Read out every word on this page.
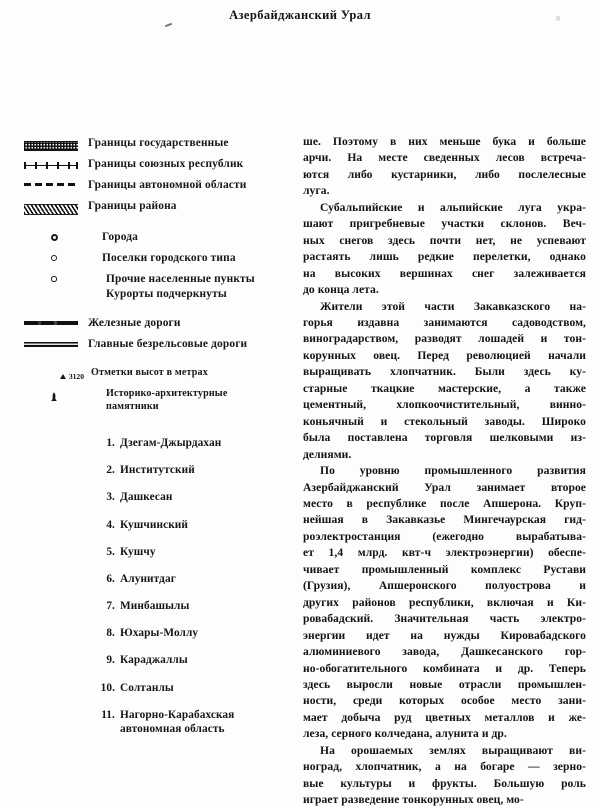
Азербайджанский Урал
Границы государственные
Границы союзных республик
Границы автономной области
Границы района
Города
Поселки городского типа
Прочие населенные пункты
Курорты подчеркнуты
Железные дороги
Главные безрельсовые дороги
3120 Отметки высот в метрах
Историко-архитектурные
памятники
1. Дзегам-Джырдахан
2. Институтский
3. Дашкесан
4. Кушчинский
5. Кушчу
6. Алунитдаг
7. Минбашылы
8. Юхары-Моллу
9. Караджаллы
10. Солтанлы
11. Нагорно-Карабахская
автономная область

ше. Поэтому в них меньше бука и больше
арчи. На месте сведенных лесов встреча-
ются либо кустарники, либо послелесные
луга.

Субальпийские и альпийские луга укра-
шают пригребневые участки склонов. Веч-
ных снегов здесь почти нет, не успевают
растаять лишь редкие перелетки, однако
на высоких вершинах снег залеживается
до конца лета.

Жители этой части Закавказского на-
горья издавна занимаются садоводством,
виноградарством, разводят лошадей и тон-
корунных овец. Перед революцией начали
выращивать хлопчатник. Были здесь ку-
старные ткацкие мастерские, а также
цементный, хлопкоочистительный, винно-
коньячный и стекольный заводы. Широко
была поставлена торговля шелковыми из-
делиями.

По уровню промышленного развития
Азербайджанский Урал занимает второе
место в республике после Апшерона. Круп-
нейшая в Закавказье Мингечаурская гид-
роэлектростанция (ежегодно вырабатыва-
ет 1,4 млрд. квт-ч электроэнергии) обеспе-
чивает промышленный комплекс Рустави
(Грузия), Апшеронского полуострова и
других районов республики, включая и Ки-
ровабадский. Значительная часть электро-
энергии идет на нужды Кировабадского
алюминиевого завода, Дашкесанского гор-
но-обогатительного комбината и др. Теперь
здесь выросли новые отрасли промышлен-
ности, среди которых особое место зани-
мает добыча руд цветных металлов и же-
леза, серного колчедана, алунита и др.

На орошаемых землях выращивают ви-
ноград, хлопчатник, а на богаре — зерно-
вые культуры и фрукты. Большую роль
играет разведение тонкорунных овец, мо-
